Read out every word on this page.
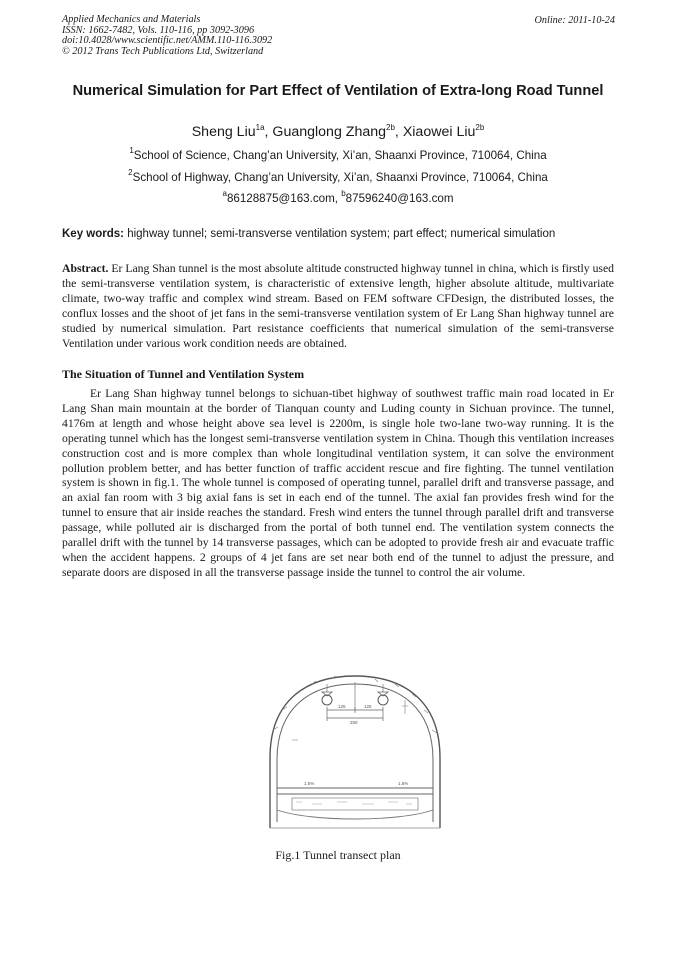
Applied Mechanics and Materials
ISSN: 1662-7482, Vols. 110-116, pp 3092-3096
doi:10.4028/www.scientific.net/AMM.110-116.3092
© 2012 Trans Tech Publications Ltd, Switzerland
Online: 2011-10-24
Numerical Simulation for Part Effect of Ventilation of Extra-long Road Tunnel
Sheng Liu$^{1a}$, Guanglong Zhang$^{2b}$, Xiaowei Liu$^{2b}$
$^1$School of Science, Chang’an University, Xi’an, Shaanxi Province, 710064, China
$^2$School of Highway, Chang’an University, Xi’an, Shaanxi Province, 710064, China
$^a$86128875@163.com, $^b$87596240@163.com
Key words: highway tunnel; semi-transverse ventilation system; part effect; numerical simulation
Abstract. Er Lang Shan tunnel is the most absolute altitude constructed highway tunnel in china, which is firstly used the semi-transverse ventilation system, is characteristic of extensive length, higher absolute altitude, multivariate climate, two-way traffic and complex wind stream. Based on FEM software CFDesign, the distributed losses, the conflux losses and the shoot of jet fans in the semi-transverse ventilation system of Er Lang Shan highway tunnel are studied by numerical simulation. Part resistance coefficients that numerical simulation of the semi-transverse Ventilation under various work condition needs are obtained.
The Situation of Tunnel and Ventilation System
Er Lang Shan highway tunnel belongs to sichuan-tibet highway of southwest traffic main road located in Er Lang Shan main mountain at the border of Tianquan county and Luding county in Sichuan province. The tunnel, 4176m at length and whose height above sea level is 2200m, is single hole two-lane two-way running. It is the operating tunnel which has the longest semi-transverse ventilation system in China. Though this ventilation increases construction cost and is more complex than whole longitudinal ventilation system, it can solve the environment pollution problem better, and has better function of traffic accident rescue and fire fighting. The tunnel ventilation system is shown in fig.1. The whole tunnel is composed of operating tunnel, parallel drift and transverse passage, and an axial fan room with 3 big axial fans is set in each end of the tunnel. The axial fan provides fresh wind for the tunnel to ensure that air inside reaches the standard. Fresh wind enters the tunnel through parallel drift and transverse passage, while polluted air is discharged from the portal of both tunnel end. The ventilation system connects the parallel drift with the tunnel by 14 transverse passages, which can be adopted to provide fresh air and evacuate traffic when the accident happens. 2 groups of 4 jet fans are set near both end of the tunnel to adjust the pressure, and separate doors are disposed in all the transverse passage inside the tunnel to control the air volume.
125	125
250
1.5%	1.5%
Fig.1 Tunnel transect plan
